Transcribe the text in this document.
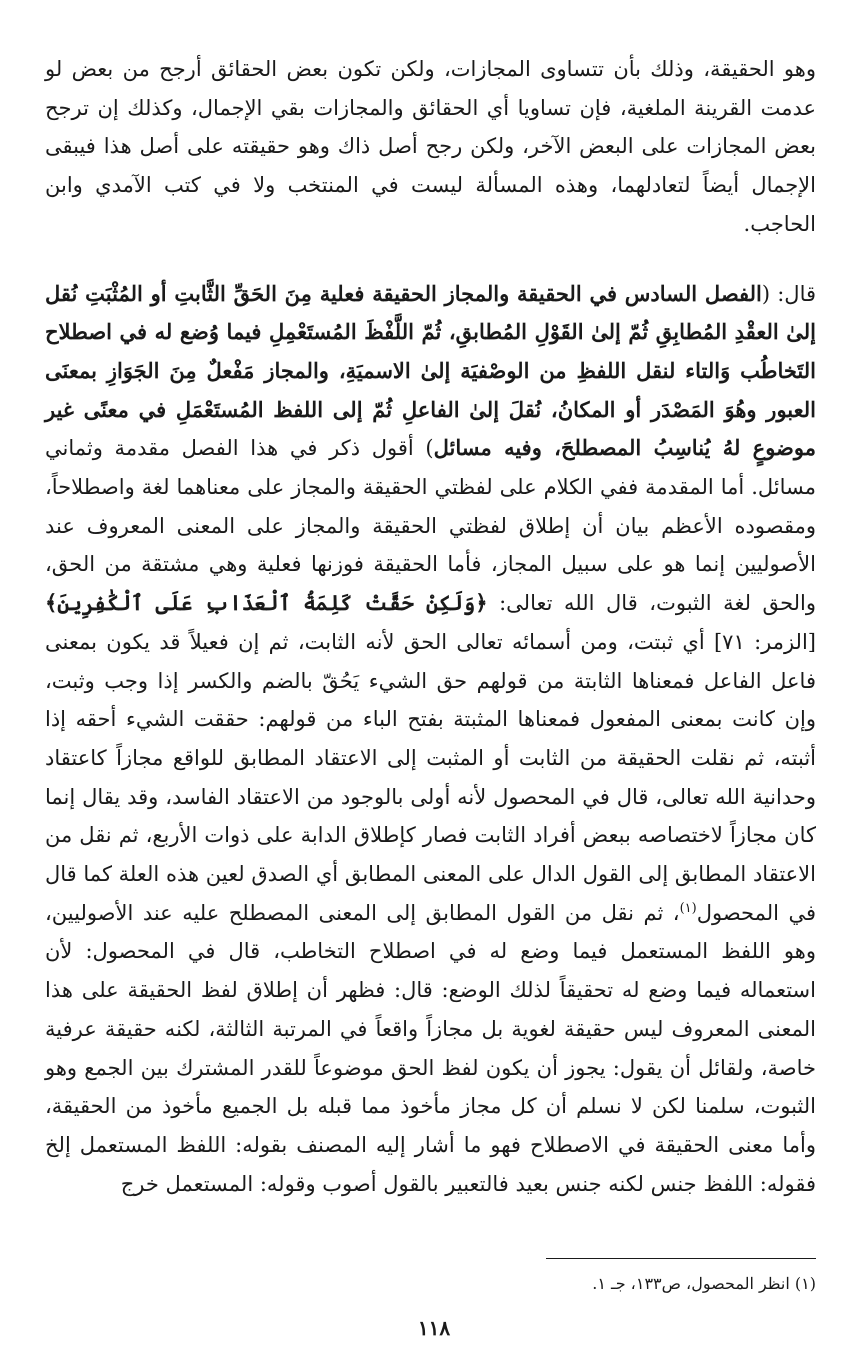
وهو الحقيقة، وذلك بأن تتساوى المجازات، ولكن تكون بعض الحقائق أرجح من بعض لو عدمت القرينة الملغية، فإن تساويا أي الحقائق والمجازات بقي الإجمال، وكذلك إن ترجح بعض المجازات على البعض الآخر، ولكن رجح أصل ذاك وهو حقيقته على أصل هذا فيبقى الإجمال أيضاً لتعادلهما، وهذه المسألة ليست في المنتخب ولا في كتب الآمدي وابن الحاجب.

قال: (الفصل السادس في الحقيقة والمجاز الحقيقة فعلية مِنَ الحَقِّ الثَّابتِ أو المُثْبَتِ نُقل إلىٰ العقْدِ المُطابِقِ ثُمّ إلىٰ القَوْلِ المُطابقِ، ثُمّ اللَّفْظَ المُستَعْمِلِ فيما وُضع له في اصطلاح التَخاطُب وَالتاء لنقل اللفظِ من الوصْفيَة إلىٰ الاسميَةِ، والمجاز مَفْعلٌ مِنَ الجَوَازِ بمعنَى العبور وهُوَ المَصْدَر أو المكانُ، نُقلَ إلىٰ الفاعلِ ثُمّ إلى اللفظ المُستَعْمَلِ في معنًى غير موضوعٍ لهُ يُناسِبُ المصطلحَ، وفيه مسائل) أقول ذكر في هذا الفصل مقدمة وثماني مسائل. أما المقدمة ففي الكلام على لفظتي الحقيقة والمجاز على معناهما لغة واصطلاحاً، ومقصوده الأعظم بيان أن إطلاق لفظتي الحقيقة والمجاز على المعنى المعروف عند الأصوليين إنما هو على سبيل المجاز، فأما الحقيقة فوزنها فعلية وهي مشتقة من الحق، والحق لغة الثبوت، قال الله تعالى: ﴿وَلَكِنْ حَقَّتْ كَلِمَةُ ٱلْعَذَابِ عَلَى ٱلْكَٰفِرِينَ﴾ [الزمر: ٧١] أي ثبتت، ومن أسمائه تعالى الحق لأنه الثابت، ثم إن فعيلاً قد يكون بمعنى فاعل الفاعل فمعناها الثابتة من قولهم حق الشيء يَحُقّ بالضم والكسر إذا وجب وثبت، وإن كانت بمعنى المفعول فمعناها المثبتة بفتح الباء من قولهم: حققت الشيء أحقه إذا أثبته، ثم نقلت الحقيقة من الثابت أو المثبت إلى الاعتقاد المطابق للواقع مجازاً كاعتقاد وحدانية الله تعالى، قال في المحصول لأنه أولى بالوجود من الاعتقاد الفاسد، وقد يقال إنما كان مجازاً لاختصاصه ببعض أفراد الثابت فصار كإطلاق الدابة على ذوات الأربع، ثم نقل من الاعتقاد المطابق إلى القول الدال على المعنى المطابق أي الصدق لعين هذه العلة كما قال في المحصول$^{(١)}$، ثم نقل من القول المطابق إلى المعنى المصطلح عليه عند الأصوليين، وهو اللفظ المستعمل فيما وضع له في اصطلاح التخاطب، قال في المحصول: لأن استعماله فيما وضع له تحقيقاً لذلك الوضع: قال: فظهر أن إطلاق لفظ الحقيقة على هذا المعنى المعروف ليس حقيقة لغوية بل مجازاً واقعاً في المرتبة الثالثة، لكنه حقيقة عرفية خاصة، ولقائل أن يقول: يجوز أن يكون لفظ الحق موضوعاً للقدر المشترك بين الجمع وهو الثبوت، سلمنا لكن لا نسلم أن كل مجاز مأخوذ مما قبله بل الجميع مأخوذ من الحقيقة، وأما معنى الحقيقة في الاصطلاح فهو ما أشار إليه المصنف بقوله: اللفظ المستعمل إلخ فقوله: اللفظ جنس لكنه جنس بعيد فالتعبير بالقول أصوب وقوله: المستعمل خرج

(١) انظر المحصول، ص١٣٣، جـ ١.
١١٨
